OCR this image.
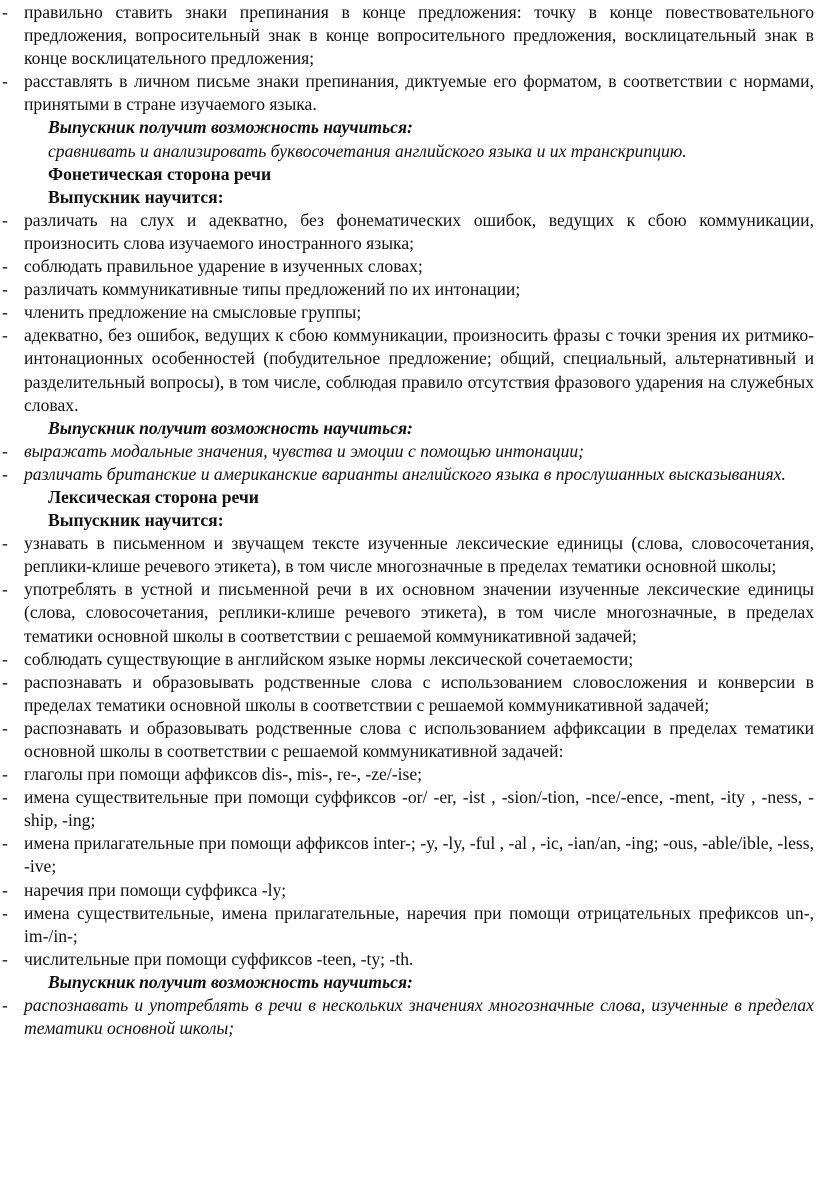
- правильно ставить знаки препинания в конце предложения: точку в конце повествовательного предложения, вопросительный знак в конце вопросительного предложения, восклицательный знак в конце восклицательного предложения;
- расставлять в личном письме знаки препинания, диктуемые его форматом, в соответствии с нормами, принятыми в стране изучаемого языка.
Выпускник получит возможность научиться:
сравнивать и анализировать буквосочетания английского языка и их транскрипцию.
Фонетическая сторона речи
Выпускник научится:
- различать на слух и адекватно, без фонематических ошибок, ведущих к сбою коммуникации, произносить слова изучаемого иностранного языка;
- соблюдать правильное ударение в изученных словах;
- различать коммуникативные типы предложений по их интонации;
- членить предложение на смысловые группы;
- адекватно, без ошибок, ведущих к сбою коммуникации, произносить фразы с точки зрения их ритмико-интонационных особенностей (побудительное предложение; общий, специальный, альтернативный и разделительный вопросы), в том числе, соблюдая правило отсутствия фразового ударения на служебных словах.
Выпускник получит возможность научиться:
- выражать модальные значения, чувства и эмоции с помощью интонации;
- различать британские и американские варианты английского языка в прослушанных высказываниях.
Лексическая сторона речи
Выпускник научится:
- узнавать в письменном и звучащем тексте изученные лексические единицы (слова, словосочетания, реплики-клише речевого этикета), в том числе многозначные в пределах тематики основной школы;
- употреблять в устной и письменной речи в их основном значении изученные лексические единицы (слова, словосочетания, реплики-клише речевого этикета), в том числе многозначные, в пределах тематики основной школы в соответствии с решаемой коммуникативной задачей;
- соблюдать существующие в английском языке нормы лексической сочетаемости;
- распознавать и образовывать родственные слова с использованием словосложения и конверсии в пределах тематики основной школы в соответствии с решаемой коммуникативной задачей;
- распознавать и образовывать родственные слова с использованием аффиксации в пределах тематики основной школы в соответствии с решаемой коммуникативной задачей:
- глаголы при помощи аффиксов dis-, mis-, re-, -ze/-ise;
- имена существительные при помощи суффиксов -or/ -er, -ist , -sion/-tion, -nce/-ence, -ment, -ity , -ness, -ship, -ing;
- имена прилагательные при помощи аффиксов inter-; -y, -ly, -ful , -al , -ic, -ian/an, -ing; -ous, -able/ible, -less, -ive;
- наречия при помощи суффикса -ly;
- имена существительные, имена прилагательные, наречия при помощи отрицательных префиксов un-, im-/in-;
- числительные при помощи суффиксов -teen, -ty; -th.
Выпускник получит возможность научиться:
- распознавать и употреблять в речи в нескольких значениях многозначные слова, изученные в пределах тематики основной школы;
